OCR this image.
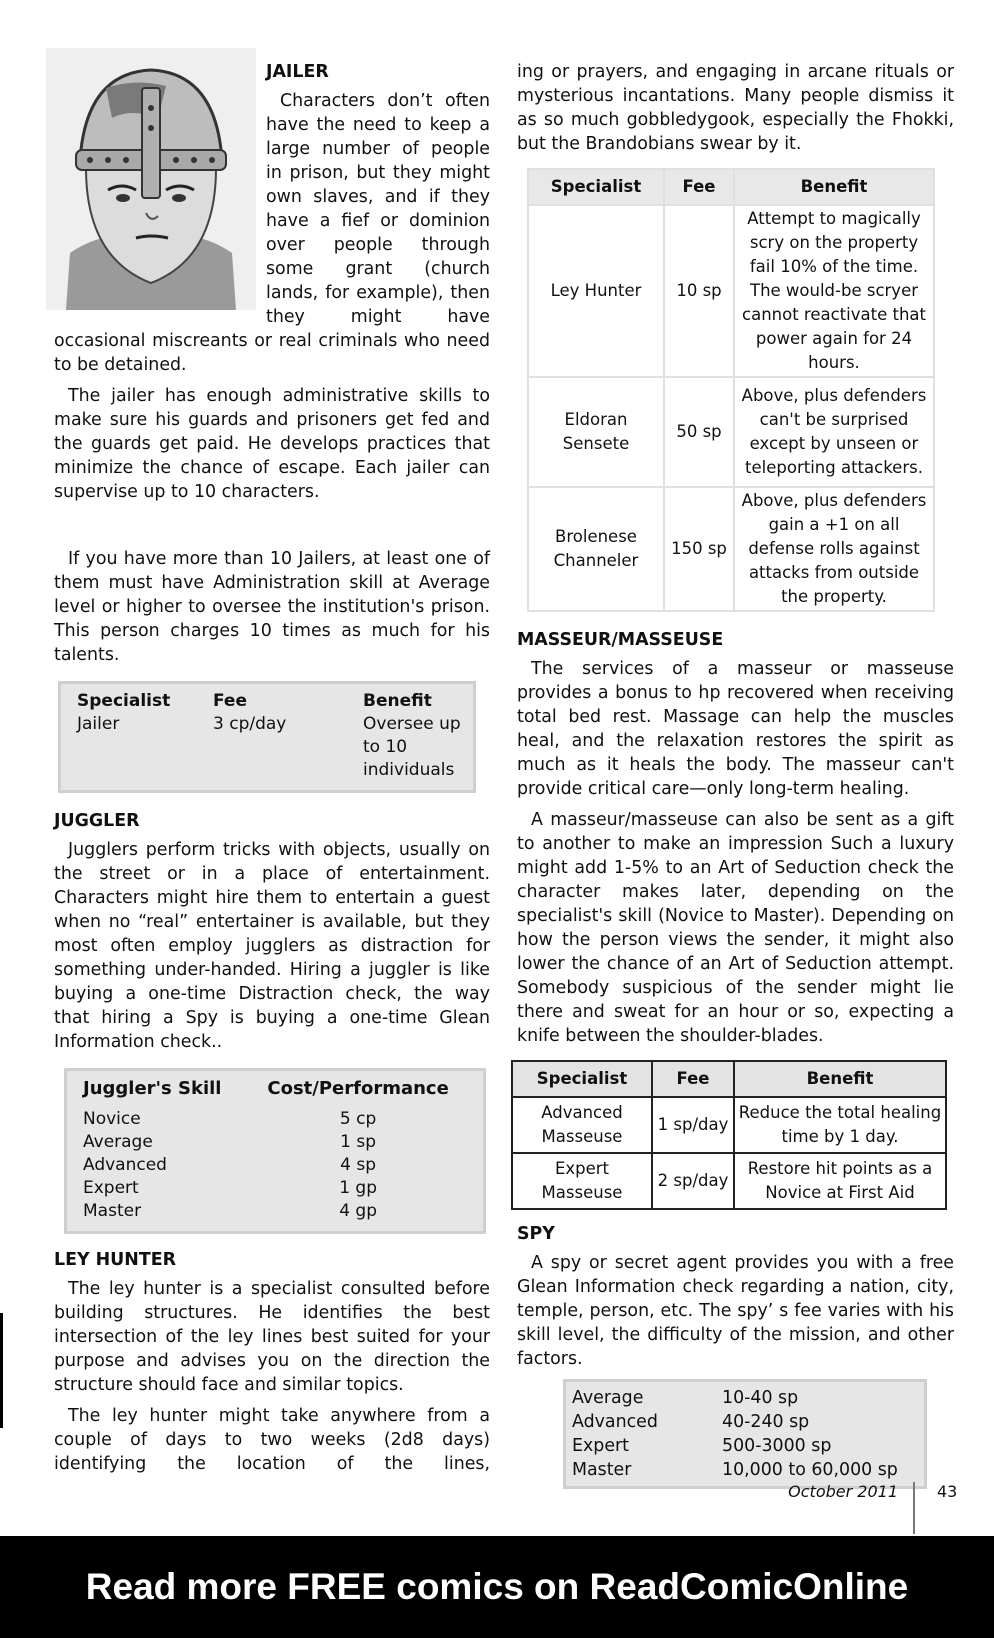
JAILER

Characters don’t often have the need to keep a large number of people in prison, but they might own slaves, and if they have a fief or dominion over people through some grant (church lands, for example), then they might have occasional miscreants or real criminals who need to be detained.

The jailer has enough administrative skills to make sure his guards and prisoners get fed and the guards get paid. He develops practices that minimize the chance of escape. Each jailer can supervise up to 10 characters.

If you have more than 10 Jailers, at least one of them must have Administration skill at Average level or higher to oversee the institution's prison. This person charges 10 times as much for his talents.

Specialist	Fee	Benefit
Jailer	3 cp/day	Oversee up to 10 individuals
JUGGLER

Jugglers perform tricks with objects, usually on the street or in a place of entertainment. Characters might hire them to entertain a guest when no “real” entertainer is available, but they most often employ jugglers as distraction for something under-handed. Hiring a juggler is like buying a one-time Distraction check, the way that hiring a Spy is buying a one-time Glean Information check..

Juggler's Skill	Cost/Performance
Novice	5 cp
Average	1 sp
Advanced	4 sp
Expert	1 gp
Master	4 gp
LEY HUNTER

The ley hunter is a specialist consulted before building structures. He identifies the best intersection of the ley lines best suited for your purpose and advises you on the direction the structure should face and similar topics.

The ley hunter might take anywhere from a couple of days to two weeks (2d8 days) identifying the location of the lines,

ing or prayers, and engaging in arcane rituals or mysterious incantations. Many people dismiss it as so much gobbledygook, especially the Fhokki, but the Brandobians swear by it.

Specialist	Fee	Benefit
Ley Hunter	10 sp	Attempt to magically scry on the property fail 10% of the time. The would-be scryer cannot reactivate that power again for 24 hours.
Eldoran Sensete	50 sp	Above, plus defenders can't be surprised except by unseen or teleporting attackers.
Brolenese Channeler	150 sp	Above, plus defenders gain a +1 on all defense rolls against attacks from outside the property.
MASSEUR/MASSEUSE

The services of a masseur or masseuse provides a bonus to hp recovered when receiving total bed rest. Massage can help the muscles heal, and the relaxation restores the spirit as much as it heals the body. The masseur can't provide critical care—only long-term healing.

A masseur/masseuse can also be sent as a gift to another to make an impression Such a luxury might add 1-5% to an Art of Seduction check the character makes later, depending on the specialist's skill (Novice to Master). Depending on how the person views the sender, it might also lower the chance of an Art of Seduction attempt. Somebody suspicious of the sender might lie there and sweat for an hour or so, expecting a knife between the shoulder-blades.

Specialist	Fee	Benefit
Advanced Masseuse	1 sp/day	Reduce the total healing time by 1 day.
Expert Masseuse	2 sp/day	Restore hit points as a Novice at First Aid
SPY

A spy or secret agent provides you with a free Glean Information check regarding a nation, city, temple, person, etc. The spy’ s fee varies with his skill level, the difficulty of the mission, and other factors.

Average	10-40 sp
Advanced	40-240 sp
Expert	500-3000 sp
Master	10,000 to 60,000 sp
October 2011 43
Read more FREE comics on ReadComicOnline
